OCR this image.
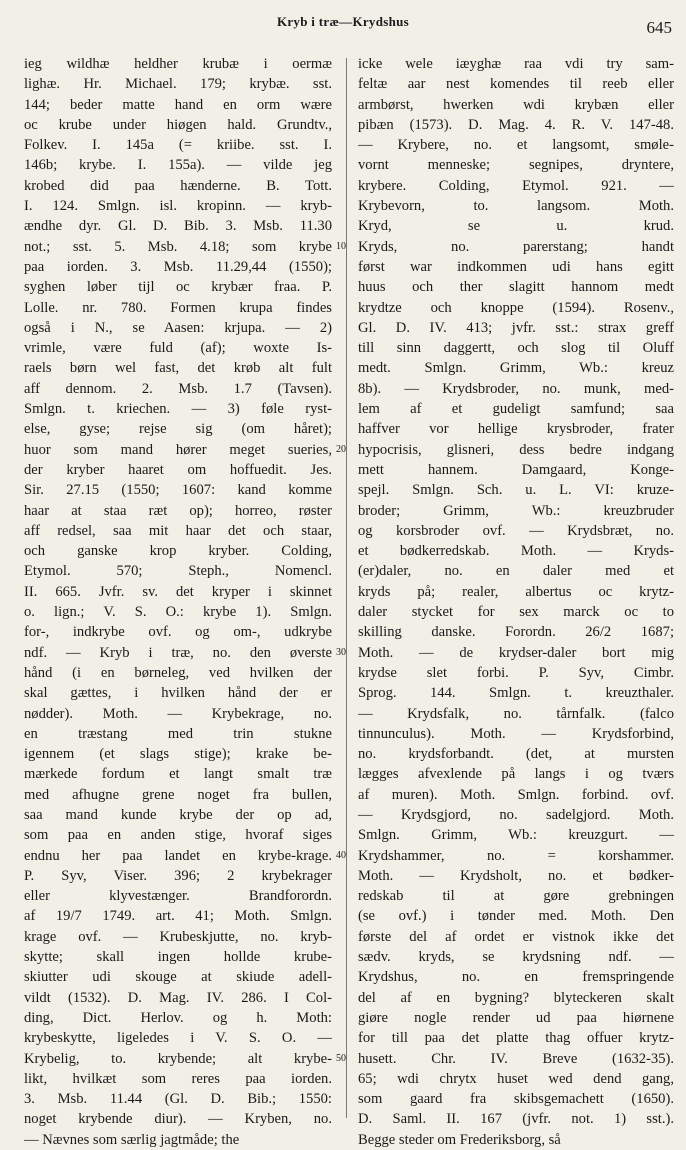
Kryb i træ—Krydshus	645
ieg wildhæ heldher krubæ i oermæ
lighæ. Hr. Michael. 179; krybæ. sst.
144; beder matte hand en orm wære
oc krube under hiøgen hald. Grundtv.,
Folkev. I. 145a (= kriibe. sst. I.
146b; krybe. I. 155a). — vilde jeg
krobed did paa hænderne. B. Tott.
I. 124. Smlgn. isl. kropinn. — kryb-
ændhe dyr. Gl. D. Bib. 3. Msb. 11.30
not.; sst. 5. Msb. 4.18; som krybe
paa iorden. 3. Msb. 11.29,44 (1550);
syghen løber tijl oc krybær fraa. P.
Lolle. nr. 780. Formen krupa findes
også i N., se Aasen: krjupa. — 2)
vrimle, være fuld (af); woxte Is-
raels børn wel fast, det krøb alt fult
aff dennom. 2. Msb. 1.7 (Tavsen).
Smlgn. t. kriechen. — 3) føle ryst-
else, gyse; rejse sig (om håret);
huor som mand hører meget sueries,
der kryber haaret om hoffuedit. Jes.
Sir. 27.15 (1550; 1607: kand komme
haar at staa ræt op); horreo, røster
aff redsel, saa mit haar det och staar,
och ganske krop kryber. Colding,
Etymol. 570; Steph., Nomencl.
II. 665. Jvfr. sv. det kryper i skinnet
o. lign.; V. S. O.: krybe 1). Smlgn.
for-, indkrybe ovf. og om-, udkrybe
ndf. — Kryb i træ, no. den øverste
hånd (i en børneleg, ved hvilken der
skal gættes, i hvilken hånd der er
nødder). Moth. — Krybekrage, no.
en træstang med trin stukne
igennem (et slags stige); krake be-
mærkede fordum et langt smalt træ
med afhugne grene noget fra bullen,
saa mand kunde krybe der op ad,
som paa en anden stige, hvoraf siges
endnu her paa landet en krybe-krage.
P. Syv, Viser. 396; 2 krybekrager
eller klyvestænger. Brandforordn.
af 19/7 1749. art. 41; Moth. Smlgn.
krage ovf. — Krubeskjutte, no. kryb-
skytte; skall ingen hollde krube-
skiutter udi skouge at skiude adell-
vildt (1532). D. Mag. IV. 286. I Col-
ding, Dict. Herlov. og h. Moth:
krybeskytte, ligeledes i V. S. O. —
Krybelig, to. krybende; alt krybe-
likt, hvilkæt som reres paa iorden.
3. Msb. 11.44 (Gl. D. Bib.; 1550:
noget krybende diur). — Kryben, no.
— Nævnes som særlig jagtmåde; the
10
20
30
40
50
icke wele iæyghæ raa vdi try sam-
feltæ aar nest komendes til reeb eller
armbørst, hwerken wdi krybæn eller
pibæn (1573). D. Mag. 4. R. V. 147-48.
— Krybere, no. et langsomt, smøle-
vornt menneske; segnipes, dryntere,
krybere. Colding, Etymol. 921. —
Krybevorn, to. langsom. Moth.
Kryd, se u. krud.
Kryds, no. parerstang; handt
først war indkommen udi hans egitt
huus och ther slagitt hannom medt
krydtze och knoppe (1594). Rosenv.,
Gl. D. IV. 413; jvfr. sst.: strax greff
till sinn daggertt, och slog til Oluff
medt. Smlgn. Grimm, Wb.: kreuz
8b). — Krydsbroder, no. munk, med-
lem af et gudeligt samfund; saa
haffver vor hellige krysbroder, frater
hypocrisis, glisneri, dess bedre indgang
mett hannem. Damgaard, Konge-
spejl. Smlgn. Sch. u. L. VI: kruze-
broder; Grimm, Wb.: kreuzbruder
og korsbroder ovf. — Krydsbræt, no.
et bødkerredskab. Moth. — Kryds-
(er)daler, no. en daler med et
kryds på; realer, albertus oc krytz-
daler stycket for sex marck oc to
skilling danske. Forordn. 26/2 1687;
Moth. — de krydser-daler bort mig
krydse slet forbi. P. Syv, Cimbr.
Sprog. 144. Smlgn. t. kreuzthaler.
— Krydsfalk, no. tårnfalk. (falco
tinnunculus). Moth. — Krydsforbind,
no. krydsforbandt. (det, at mursten
lægges afvexlende på langs i og tværs
af muren). Moth. Smlgn. forbind. ovf.
— Krydsgjord, no. sadelgjord. Moth.
Smlgn. Grimm, Wb.: kreuzgurt. —
Krydshammer, no. = korshammer.
Moth. — Krydsholt, no. et bødker-
redskab til at gøre grebningen
(se ovf.) i tønder med. Moth. Den
første del af ordet er vistnok ikke det
sædv. kryds, se krydsning ndf. —
Krydshus, no. en fremspringende
del af en bygning? blyteckeren skalt
giøre nogle render ud paa hiørnene
for till paa det platte thag offuer krytz-
husett. Chr. IV. Breve (1632-35).
65; wdi chrytx huset wed dend gang,
som gaard fra skibsgemachett (1650).
D. Saml. II. 167 (jvfr. not. 1) sst.).
Begge steder om Frederiksborg, så
